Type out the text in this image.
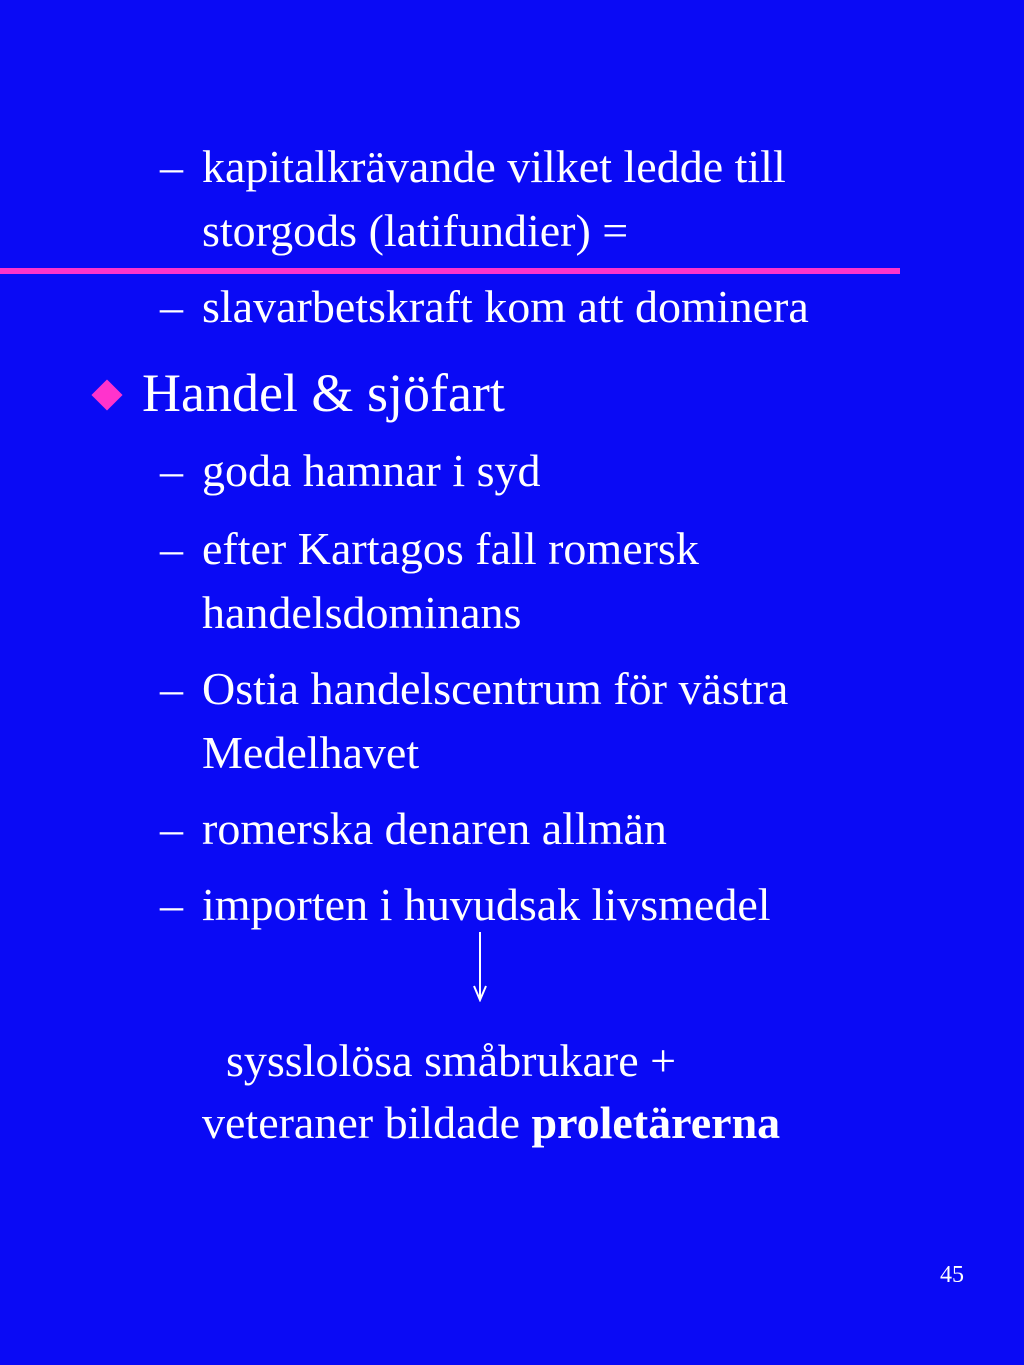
– kapitalkrävande vilket ledde till
storgods (latifundier) =
– slavarbetskraft kom att dominera
Handel & sjöfart
– goda hamnar i syd
– efter Kartagos fall romersk
handelsdominans
– Ostia handelscentrum för västra
Medelhavet
– romerska denaren allmän
– importen i huvudsak livsmedel
sysslolösa småbrukare +
veteraner bildade proletärerna
45
